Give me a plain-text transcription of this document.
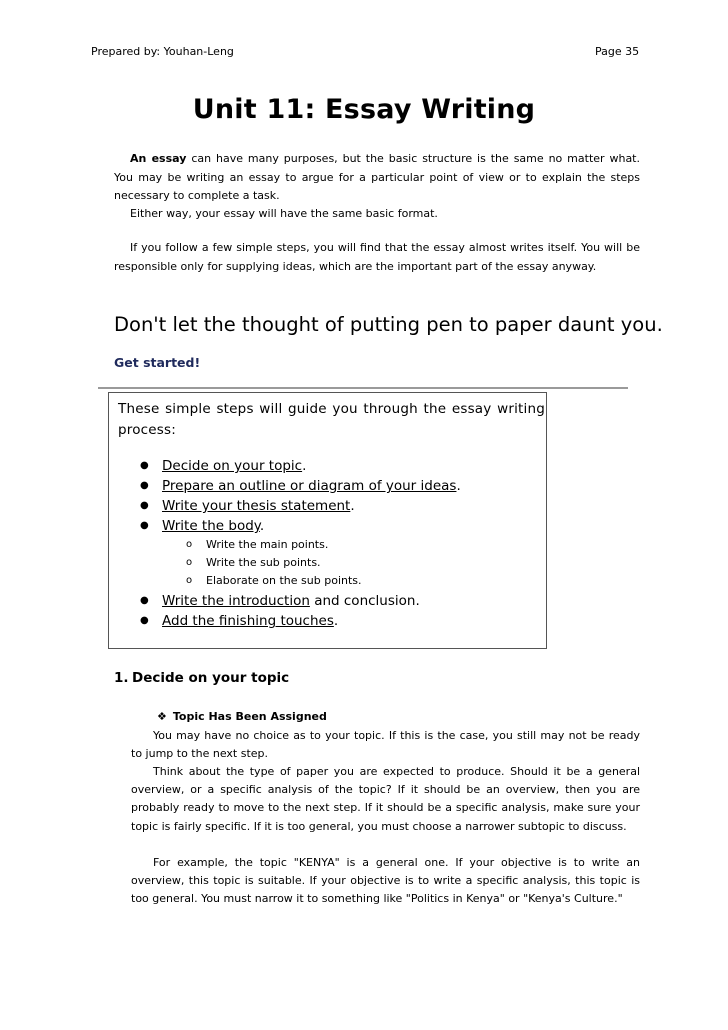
Prepared by: Youhan-Leng	Page 35
Unit 11: Essay Writing

An essay can have many purposes, but the basic structure is the same no matter what. You may be writing an essay to argue for a particular point of view or to explain the steps necessary to complete a task.

Either way, your essay will have the same basic format.

If you follow a few simple steps, you will find that the essay almost writes itself. You will be responsible only for supplying ideas, which are the important part of the essay anyway.

Don't let the thought of putting pen to paper daunt you.
Get started!

These simple steps will guide you through the essay writing process:

● Decide on your topic.
● Prepare an outline or diagram of your ideas.
● Write your thesis statement.
● Write the body.
o Write the main points.
o Write the sub points.
o Elaborate on the sub points.
● Write the introduction and conclusion.
● Add the finishing touches.
1. Decide on your topic
❖ Topic Has Been Assigned

You may have no choice as to your topic. If this is the case, you still may not be ready to jump to the next step.

Think about the type of paper you are expected to produce. Should it be a general overview, or a specific analysis of the topic? If it should be an overview, then you are probably ready to move to the next step. If it should be a specific analysis, make sure your topic is fairly specific. If it is too general, you must choose a narrower subtopic to discuss.

For example, the topic "KENYA" is a general one. If your objective is to write an overview, this topic is suitable. If your objective is to write a specific analysis, this topic is too general. You must narrow it to something like "Politics in Kenya" or "Kenya's Culture."
